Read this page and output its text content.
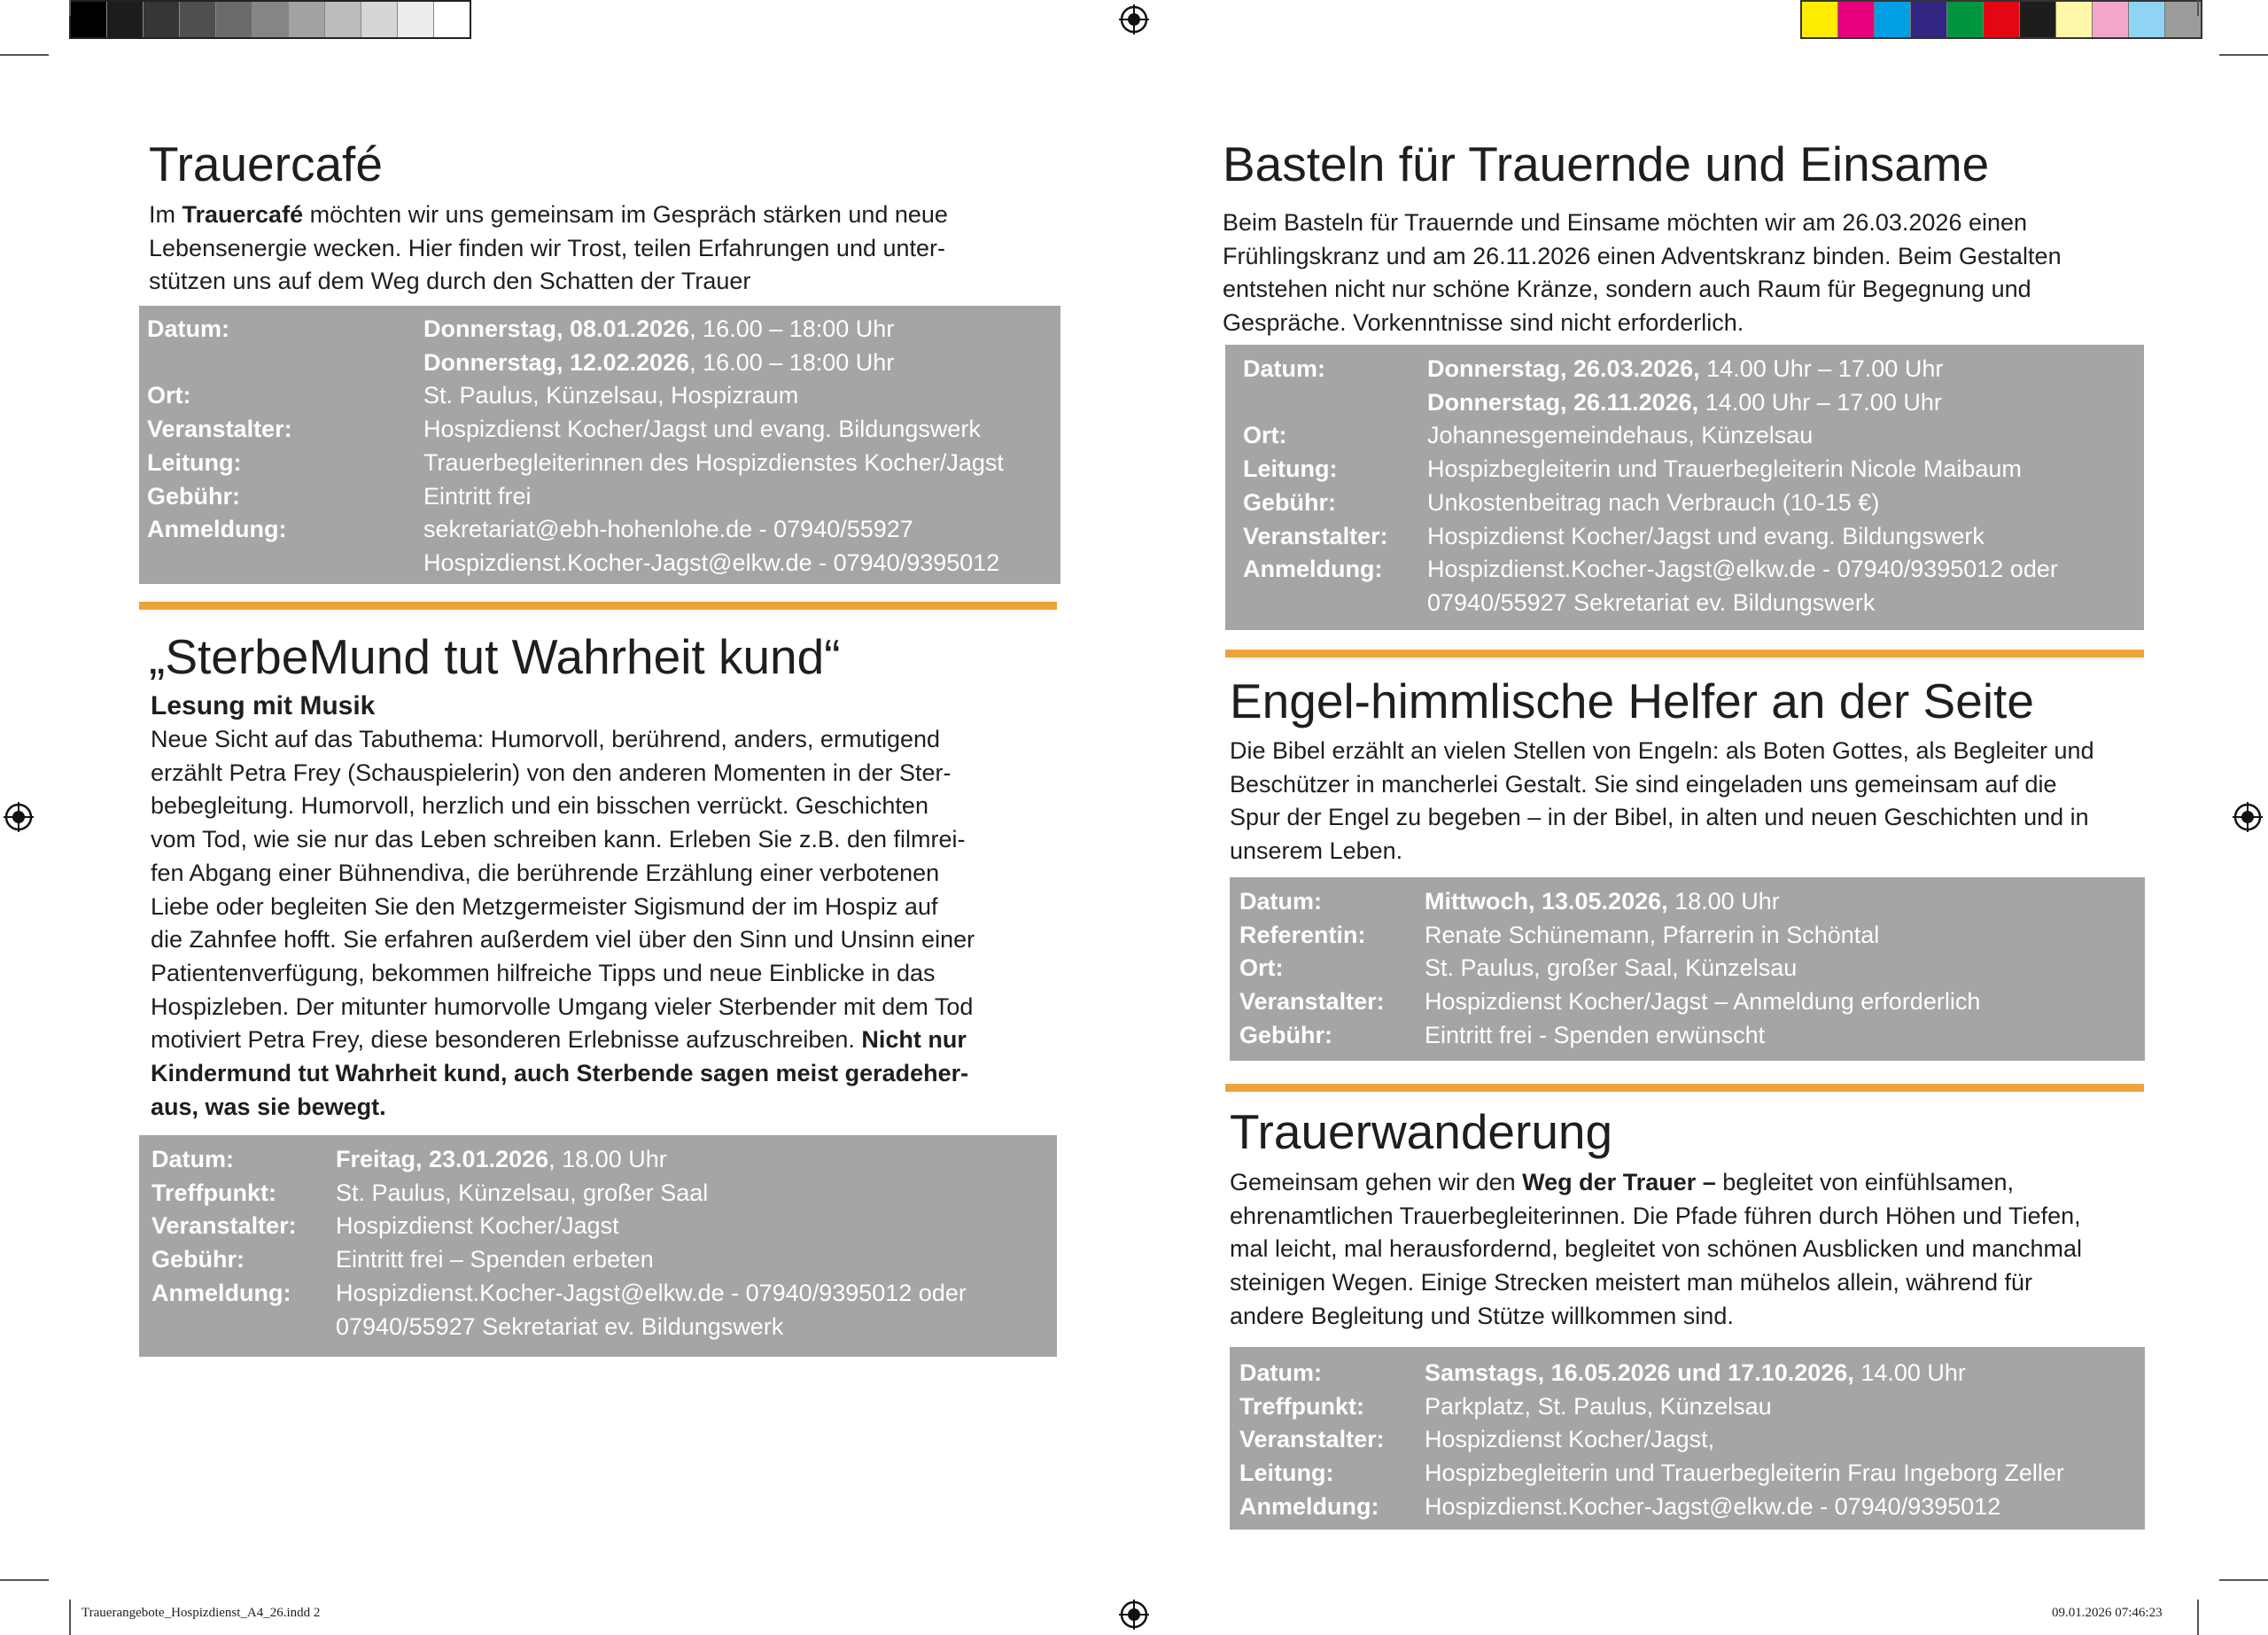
Trauerangebote_Hospizdienst_A4_26.indd 2	09.01.2026 07:46:23
Trauercafé
Im Trauercafé möchten wir uns gemeinsam im Gespräch stärken und neue
Lebensenergie wecken. Hier finden wir Trost, teilen Erfahrungen und unter-
stützen uns auf dem Weg durch den Schatten der Trauer
Datum:	Donnerstag, 08.01.2026, 16.00 – 18:00 Uhr
Donnerstag, 12.02.2026, 16.00 – 18:00 Uhr
Ort:	St. Paulus, Künzelsau, Hospizraum
Veranstalter:	Hospizdienst Kocher/Jagst und evang. Bildungswerk
Leitung:	Trauerbegleiterinnen des Hospizdienstes Kocher/Jagst
Gebühr:	Eintritt frei
Anmeldung:	sekretariat@ebh-hohenlohe.de - 07940/55927
Hospizdienst.Kocher-Jagst@elkw.de - 07940/9395012
„SterbeMund tut Wahrheit kund“
Lesung mit Musik
Neue Sicht auf das Tabuthema: Humorvoll, berührend, anders, ermutigend
erzählt Petra Frey (Schauspielerin) von den anderen Momenten in der Ster-
bebegleitung. Humorvoll, herzlich und ein bisschen verrückt. Geschichten
vom Tod, wie sie nur das Leben schreiben kann. Erleben Sie z.B. den filmrei-
fen Abgang einer Bühnendiva, die berührende Erzählung einer verbotenen
Liebe oder begleiten Sie den Metzgermeister Sigismund der im Hospiz auf
die Zahnfee hofft. Sie erfahren außerdem viel über den Sinn und Unsinn einer
Patientenverfügung, bekommen hilfreiche Tipps und neue Einblicke in das
Hospizleben. Der mitunter humorvolle Umgang vieler Sterbender mit dem Tod
motiviert Petra Frey, diese besonderen Erlebnisse aufzuschreiben. Nicht nur
Kindermund tut Wahrheit kund, auch Sterbende sagen meist geradeher-
aus, was sie bewegt.
Datum:	Freitag, 23.01.2026, 18.00 Uhr
Treffpunkt:	St. Paulus, Künzelsau, großer Saal
Veranstalter:	Hospizdienst Kocher/Jagst
Gebühr:	Eintritt frei – Spenden erbeten
Anmeldung:	Hospizdienst.Kocher-Jagst@elkw.de - 07940/9395012 oder
07940/55927 Sekretariat ev. Bildungswerk
Basteln für Trauernde und Einsame
Beim Basteln für Trauernde und Einsame möchten wir am 26.03.2026 einen
Frühlingskranz und am 26.11.2026 einen Adventskranz binden. Beim Gestalten
entstehen nicht nur schöne Kränze, sondern auch Raum für Begegnung und
Gespräche. Vorkenntnisse sind nicht erforderlich.
Datum:	Donnerstag, 26.03.2026, 14.00 Uhr – 17.00 Uhr
Donnerstag, 26.11.2026, 14.00 Uhr – 17.00 Uhr
Ort:	Johannesgemeindehaus, Künzelsau
Leitung:	Hospizbegleiterin und Trauerbegleiterin Nicole Maibaum
Gebühr:	Unkostenbeitrag nach Verbrauch (10-15 €)
Veranstalter:	Hospizdienst Kocher/Jagst und evang. Bildungswerk
Anmeldung:	Hospizdienst.Kocher-Jagst@elkw.de - 07940/9395012 oder
07940/55927 Sekretariat ev. Bildungswerk
Engel-himmlische Helfer an der Seite
Die Bibel erzählt an vielen Stellen von Engeln: als Boten Gottes, als Begleiter und
Beschützer in mancherlei Gestalt. Sie sind eingeladen uns gemeinsam auf die
Spur der Engel zu begeben – in der Bibel, in alten und neuen Geschichten und in
unserem Leben.
Datum:	Mittwoch, 13.05.2026, 18.00 Uhr
Referentin:	Renate Schünemann, Pfarrerin in Schöntal
Ort:	St. Paulus, großer Saal, Künzelsau
Veranstalter:	Hospizdienst Kocher/Jagst – Anmeldung erforderlich
Gebühr:	Eintritt frei - Spenden erwünscht
Trauerwanderung
Gemeinsam gehen wir den Weg der Trauer – begleitet von einfühlsamen,
ehrenamtlichen Trauerbegleiterinnen. Die Pfade führen durch Höhen und Tiefen,
mal leicht, mal herausfordernd, begleitet von schönen Ausblicken und manchmal
steinigen Wegen. Einige Strecken meistert man mühelos allein, während für
andere Begleitung und Stütze willkommen sind.
Datum:	Samstags, 16.05.2026 und 17.10.2026, 14.00 Uhr
Treffpunkt:	Parkplatz, St. Paulus, Künzelsau
Veranstalter:	Hospizdienst Kocher/Jagst,
Leitung:	Hospizbegleiterin und Trauerbegleiterin Frau Ingeborg Zeller
Anmeldung:	Hospizdienst.Kocher-Jagst@elkw.de - 07940/9395012
